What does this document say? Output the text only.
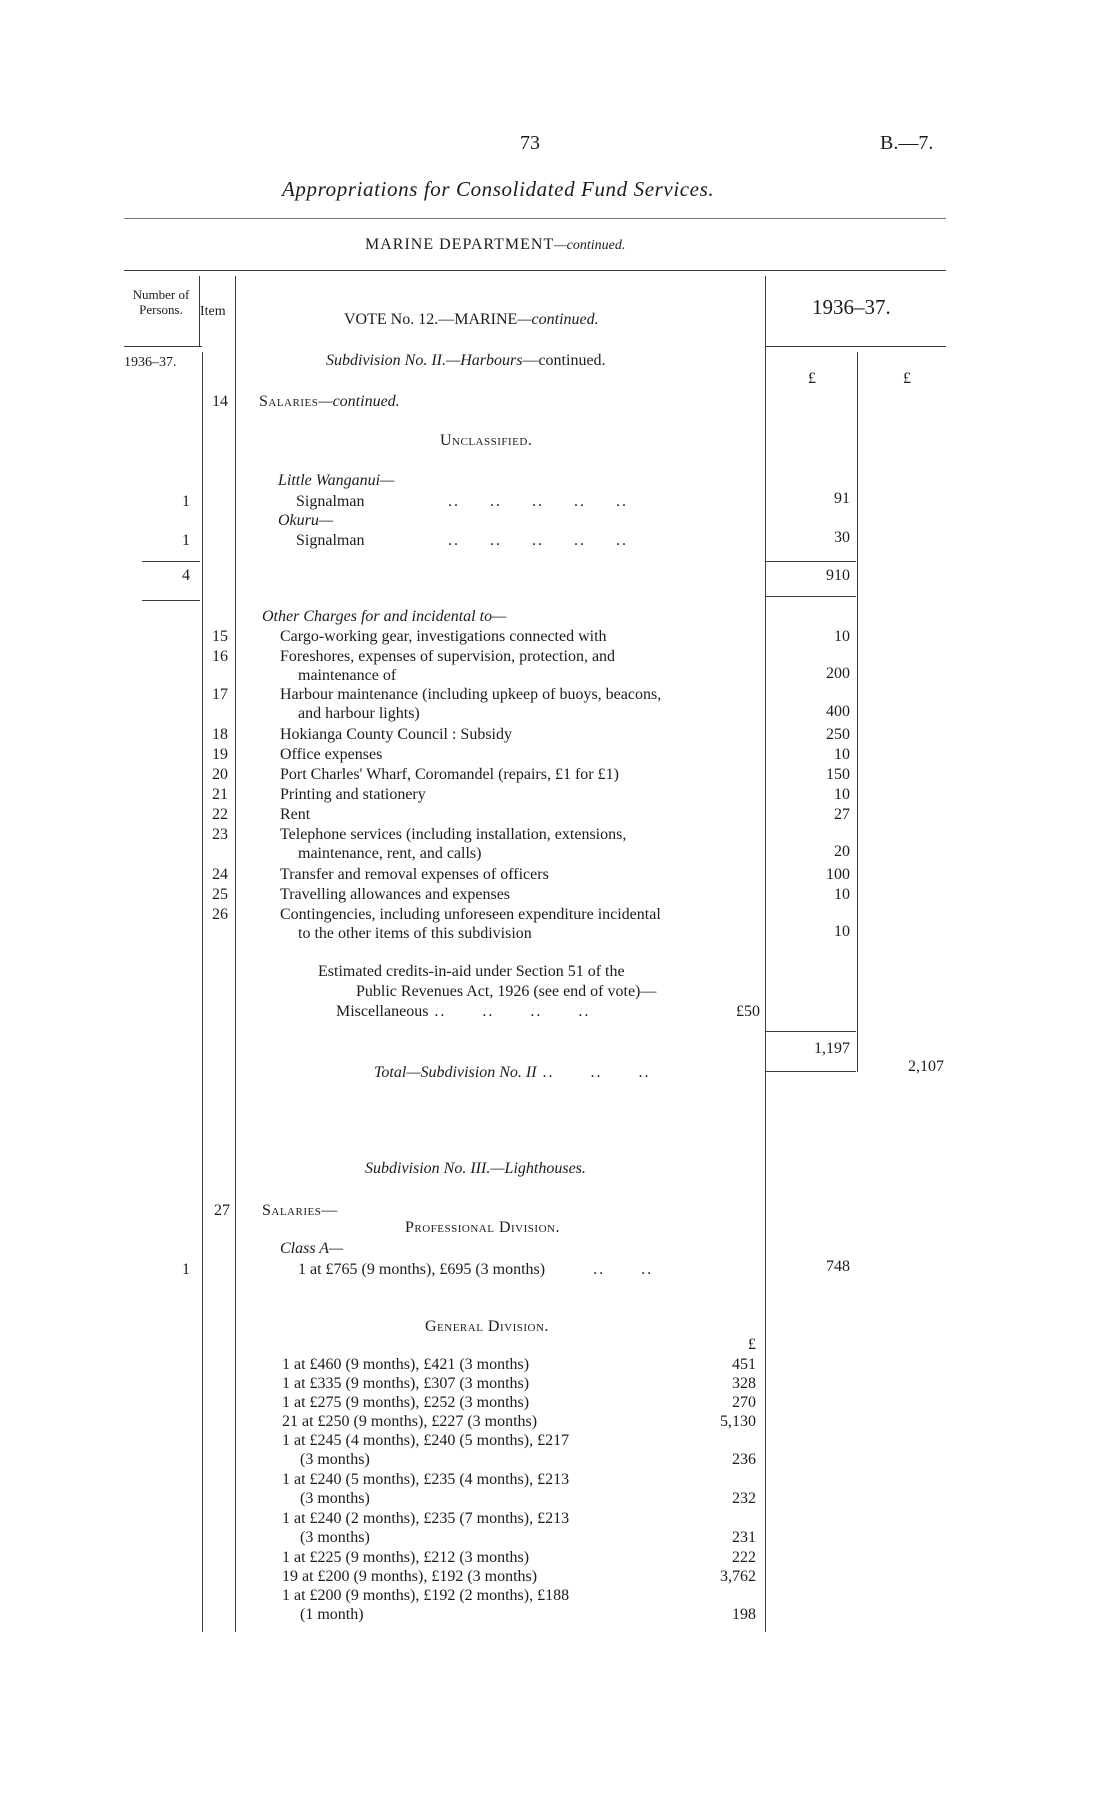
73	B.—7.
Appropriations for Consolidated Fund Services.
MARINE DEPARTMENT—continued.
Number of Persons.	Item	VOTE No. 12.—MARINE—continued.
1936–37.
1936–37.
£	£
Subdivision No. II.—Harbours—continued.
14 Salaries—continued.
Unclassified.
Little Wanganui—
1	Signalman	..     ..     ..     ..     ..	91
Okuru—
1	Signalman	..     ..     ..     ..     ..	30
4	910
Other Charges for and incidental to—
15	Cargo-working gear, investigations connected with	10
16	Foreshores, expenses of supervision, protection, and
maintenance of	200
17	Harbour maintenance (including upkeep of buoys, beacons,
and harbour lights)	400
18	Hokianga County Council : Subsidy	250
19	Office expenses	10
20	Port Charles' Wharf, Coromandel (repairs, £1 for £1)	150
21	Printing and stationery	10
22	Rent	27
23	Telephone services (including installation, extensions,
maintenance, rent, and calls)	20
24	Transfer and removal expenses of officers	100
25	Travelling allowances and expenses	10
26	Contingencies, including unforeseen expenditure incidental
to the other items of this subdivision	10
Estimated credits-in-aid under Section 51 of the
Public Revenues Act, 1926 (see end of vote)—
Miscellaneous ..      ..      ..      ..	£50
1,197
Total—Subdivision No. II ..      ..      ..	2,107
Subdivision No. III.—Lighthouses.
27 Salaries—
Professional Division.
Class A—
1	1 at £765 (9 months), £695 (3 months)        ..      ..	748
General Division.
£
1 at £460 (9 months), £421 (3 months)	451
1 at £335 (9 months), £307 (3 months)	328
1 at £275 (9 months), £252 (3 months)	270
21 at £250 (9 months), £227 (3 months)	5,130
1 at £245 (4 months), £240 (5 months), £217
(3 months)	236
1 at £240 (5 months), £235 (4 months), £213
(3 months)	232
1 at £240 (2 months), £235 (7 months), £213
(3 months)	231
1 at £225 (9 months), £212 (3 months)	222
19 at £200 (9 months), £192 (3 months)	3,762
1 at £200 (9 months), £192 (2 months), £188
(1 month)	198
